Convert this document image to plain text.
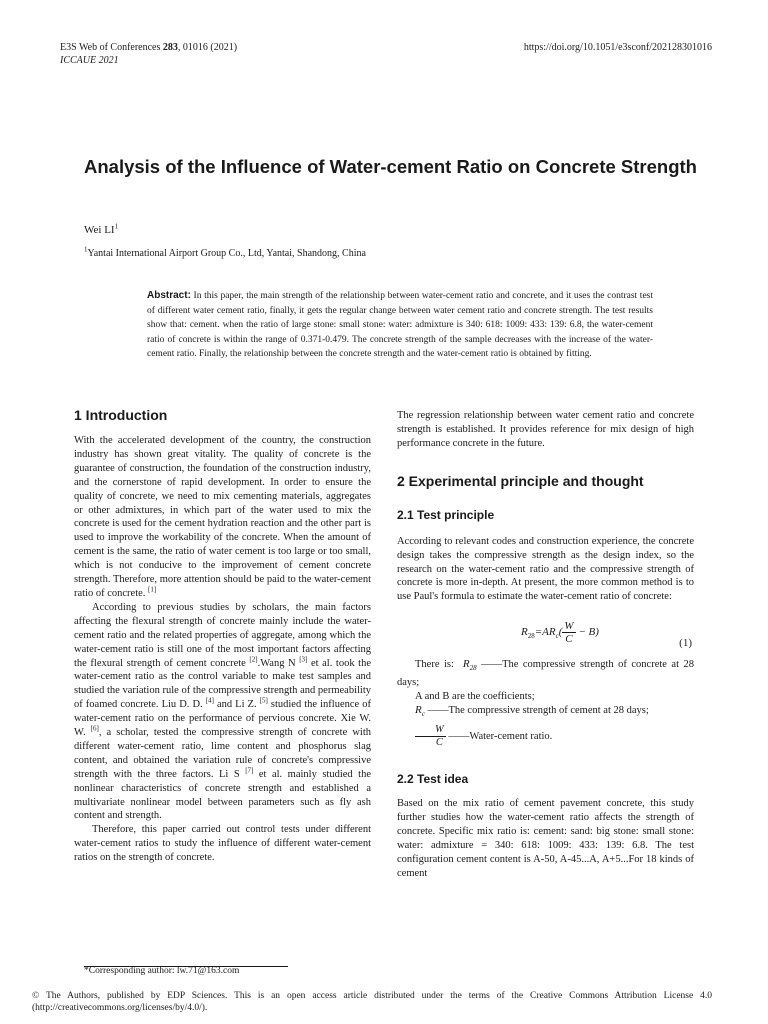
E3S Web of Conferences 283, 01016 (2021)
ICCAUE 2021
https://doi.org/10.1051/e3sconf/202128301016
Analysis of the Influence of Water-cement Ratio on Concrete Strength
Wei $LI^1$
$^1$Yantai International Airport Group Co., Ltd, Yantai, Shandong, China

Abstract: In this paper, the main strength of the relationship between water-cement ratio and concrete, and it uses the contrast test of different water cement ratio, finally, it gets the regular change between water cement ratio and concrete strength. The test results show that: cement. when the ratio of large stone: small stone: water: admixture is 340: 618: 1009: 433: 139: 6.8, the water-cement ratio of concrete is within the range of 0.371-0.479. The concrete strength of the sample decreases with the increase of the water-cement ratio. Finally, the relationship between the concrete strength and the water-cement ratio is obtained by fitting.

1 Introduction

With the accelerated development of the country, the construction industry has shown great vitality. The quality of concrete is the guarantee of construction, the foundation of the construction industry, and the cornerstone of rapid development. In order to ensure the quality of concrete, we need to mix cementing materials, aggregates or other admixtures, in which part of the water used to mix the concrete is used for the cement hydration reaction and the other part is used to improve the workability of the concrete. When the amount of cement is the same, the ratio of water cement is too large or too small, which is not conducive to the improvement of cement concrete strength. Therefore, more attention should be paid to the water-cement ratio of concrete. [1]

According to previous studies by scholars, the main factors affecting the flexural strength of concrete mainly include the water-cement ratio and the related properties of aggregate, among which the water-cement ratio is still one of the most important factors affecting the flexural strength of cement concrete [2].Wang N [3] et al. took the water-cement ratio as the control variable to make test samples and studied the variation rule of the compressive strength and permeability of foamed concrete. Liu D. D. [4] and Li Z. [5] studied the influence of water-cement ratio on the performance of pervious concrete. Xie W. W. [6], a scholar, tested the compressive strength of concrete with different water-cement ratio, lime content and phosphorus slag content, and obtained the variation rule of concrete's compressive strength with the three factors. Li S [7] et al. mainly studied the nonlinear characteristics of concrete strength and established a multivariate nonlinear model between parameters such as fly ash content and strength.

Therefore, this paper carried out control tests under different water-cement ratios to study the influence of different water-cement ratios on the strength of concrete.

The regression relationship between water cement ratio and concrete strength is established. It provides reference for mix design of high performance concrete in the future.

2 Experimental principle and thought
2.1 Test principle

According to relevant codes and construction experience, the concrete design takes the compressive strength as the design index, so the research on the water-cement ratio and the compressive strength of concrete is more in-depth. At present, the more common method is to use Paul's formula to estimate the water-cement ratio of concrete:

$R_{28}=AR_c( \frac{W}{C} - B)$
(1)

There is: $R_{28}$ ——The compressive strength of concrete at 28 days;

A and B are the coefficients;

$R_c$ ——The compressive strength of cement at 28 days;

$\frac{W}{C}$ ——Water-cement ratio.

2.2 Test idea

Based on the mix ratio of cement pavement concrete, this study further studies how the water-cement ratio affects the strength of concrete. Specific mix ratio is: cement: sand: big stone: small stone: water: admixture = 340: 618: 1009: 433: 139: 6.8. The test configuration cement content is A-50, A-45...A, A+5...For 18 kinds of cement

*Corresponding author: lw.71@163.com

© The Authors, published by EDP Sciences. This is an open access article distributed under the terms of the Creative Commons Attribution License 4.0 (http://creativecommons.org/licenses/by/4.0/).
